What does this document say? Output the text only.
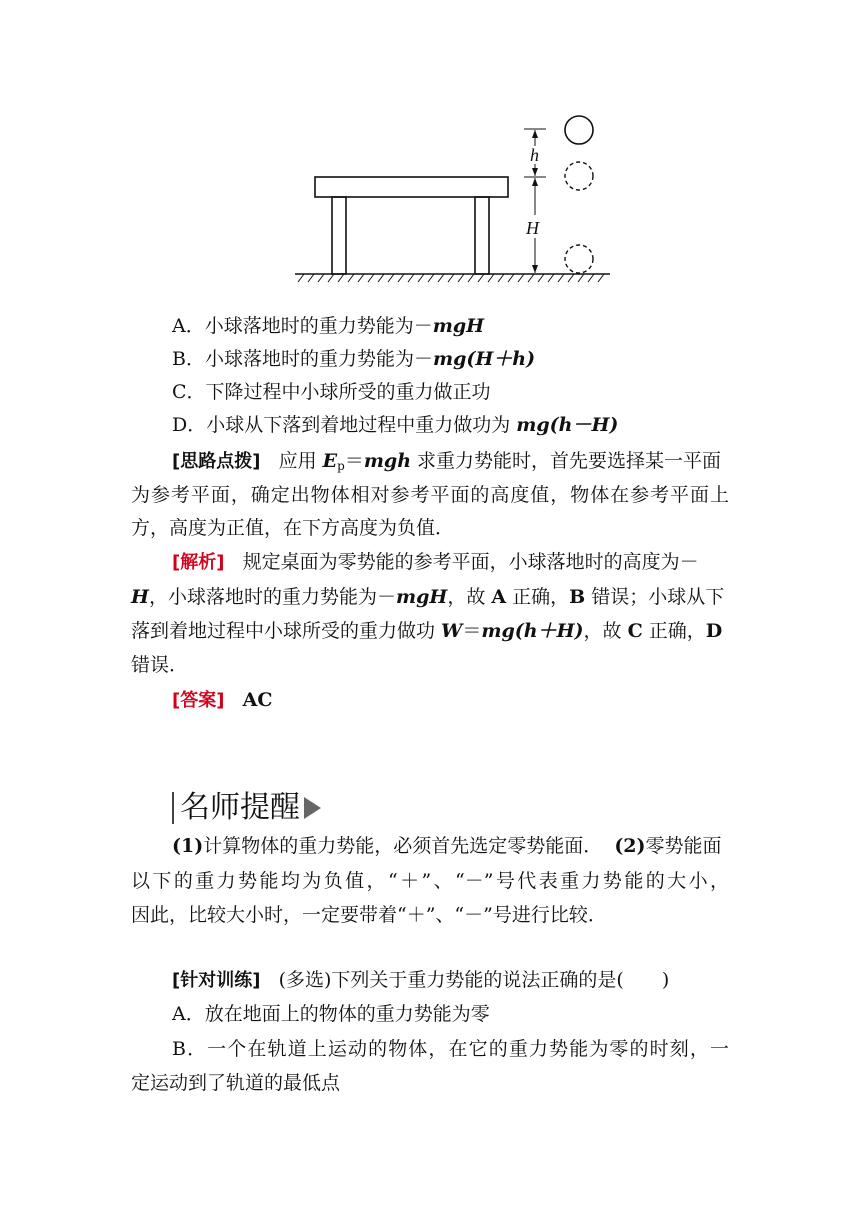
h
H
A．小球落地时的重力势能为－mgH
B．小球落地时的重力势能为－mg(H＋h)
C．下降过程中小球所受的重力做正功
D．小球从下落到着地过程中重力做功为 mg(h－H)
[思路点拨] 应用 $E_p=mgh$ 求重力势能时，首先要选择某一平面
为参考平面，确定出物体相对参考平面的高度值，物体在参考平面上
方，高度为正值，在下方高度为负值．
[解析] 规定桌面为零势能的参考平面，小球落地时的高度为－
H，小球落地时的重力势能为－mgH，故 A 正确，B 错误；小球从下
落到着地过程中小球所受的重力做功 W＝mg(h＋H)，故 C 正确，D
错误．
[答案] AC
名师提醒
(1)计算物体的重力势能，必须首先选定零势能面． (2)零势能面
以下的重力势能均为负值，“＋”、“－”号代表重力势能的大小，
因此，比较大小时，一定要带着“＋”、“－”号进行比较．
[针对训练] (多选)下列关于重力势能的说法正确的是(　　)
A．放在地面上的物体的重力势能为零
B．一个在轨道上运动的物体，在它的重力势能为零的时刻，一
定运动到了轨道的最低点
